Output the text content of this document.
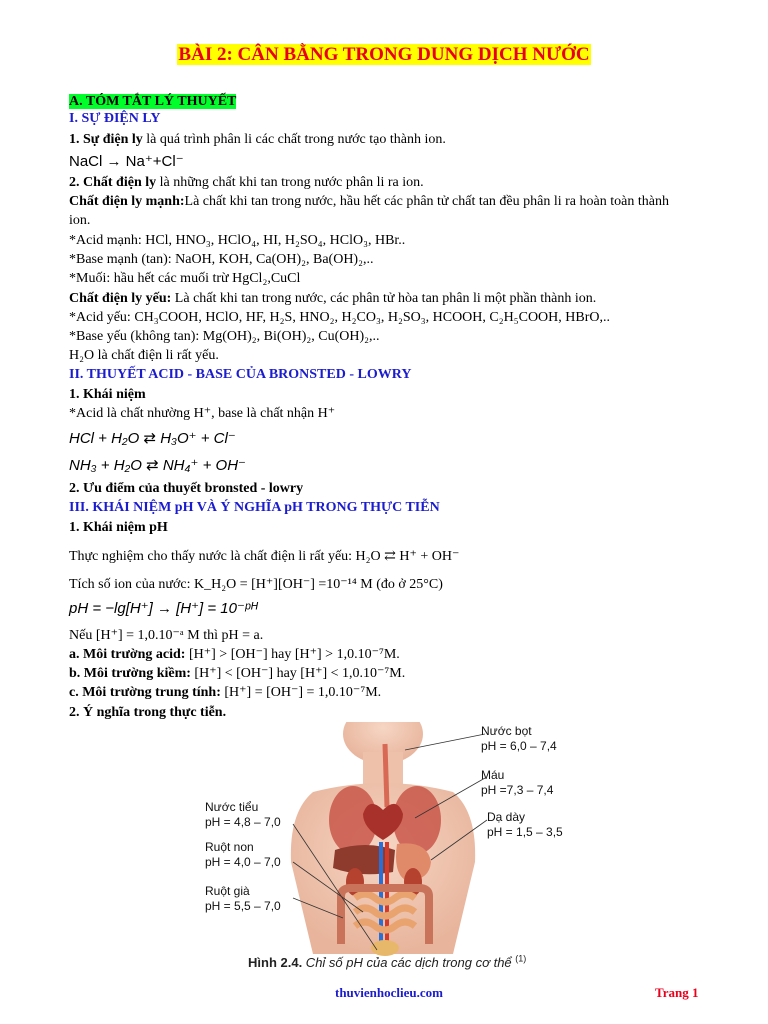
BÀI 2: CÂN BẰNG TRONG DUNG DỊCH NƯỚC
A. TÓM TẮT LÝ THUYẾT
I. SỰ ĐIỆN LY
1. Sự điện ly là quá trình phân li các chất trong nước tạo thành ion.
NaCl → Na⁺+Cl⁻
2. Chất điện ly là những chất khi tan trong nước phân li ra ion.
Chất điện ly mạnh:Là chất khi tan trong nước, hầu hết các phân tử chất tan đều phân li ra hoàn toàn thành
ion.
*Acid mạnh: HCl, HNO₃, HClO₄, HI, H₂SO₄, HClO₃, HBr..
*Base mạnh (tan): NaOH, KOH, Ca(OH)₂, Ba(OH)₂,..
*Muối: hầu hết các muối trừ HgCl₂,CuCl
Chất điện ly yếu: Là chất khi tan trong nước, các phân tử hòa tan phân li một phần thành ion.
*Acid yếu: CH₃COOH, HClO, HF, H₂S, HNO₂, H₂CO₃, H₂SO₃, HCOOH, C₂H₅COOH, HBrO,..
*Base yếu (không tan): Mg(OH)₂, Bi(OH)₂, Cu(OH)₂,..
H₂O là chất điện li rất yếu.
II. THUYẾT ACID - BASE CỦA BRONSTED - LOWRY
1. Khái niệm
*Acid là chất nhường H⁺, base là chất nhận H⁺
HCl + H₂O ⇄ H₃O⁺ + Cl⁻
NH₃ + H₂O ⇄ NH₄⁺ + OH⁻
2. Ưu điểm của thuyết bronsted - lowry
III. KHÁI NIỆM pH VÀ Ý NGHĨA pH TRONG THỰC TIỄN
1. Khái niệm pH
Thực nghiệm cho thấy nước là chất điện li rất yếu: H₂O ⇄ H⁺ + OH⁻
Tích số ion của nước: K_H₂O = [H⁺][OH⁻] =10⁻¹⁴ M (đo ở 25°C)
pH = −lg[H⁺] → [H⁺] = 10⁻ᵖᴴ
Nếu [H⁺] = 1,0.10⁻ᵃ M thì pH = a.
a. Môi trường acid: [H⁺] > [OH⁻] hay [H⁺] > 1,0.10⁻⁷M.
b. Môi trường kiềm: [H⁺] < [OH⁻] hay [H⁺] < 1,0.10⁻⁷M.
c. Môi trường trung tính: [H⁺] = [OH⁻] = 1,0.10⁻⁷M.
2. Ý nghĩa trong thực tiễn.
Nước bọt
pH = 6,0 – 7,4
Máu
pH =7,3 – 7,4
Dạ dày
pH = 1,5 – 3,5
Nước tiểu
pH = 4,8 – 7,0
Ruột non
pH = 4,0 – 7,0
Ruột già
pH = 5,5 – 7,0
Hình 2.4. Chỉ số pH của các dịch trong cơ thể $^{(1)}$
thuvienhoclieu.com	Trang 1
